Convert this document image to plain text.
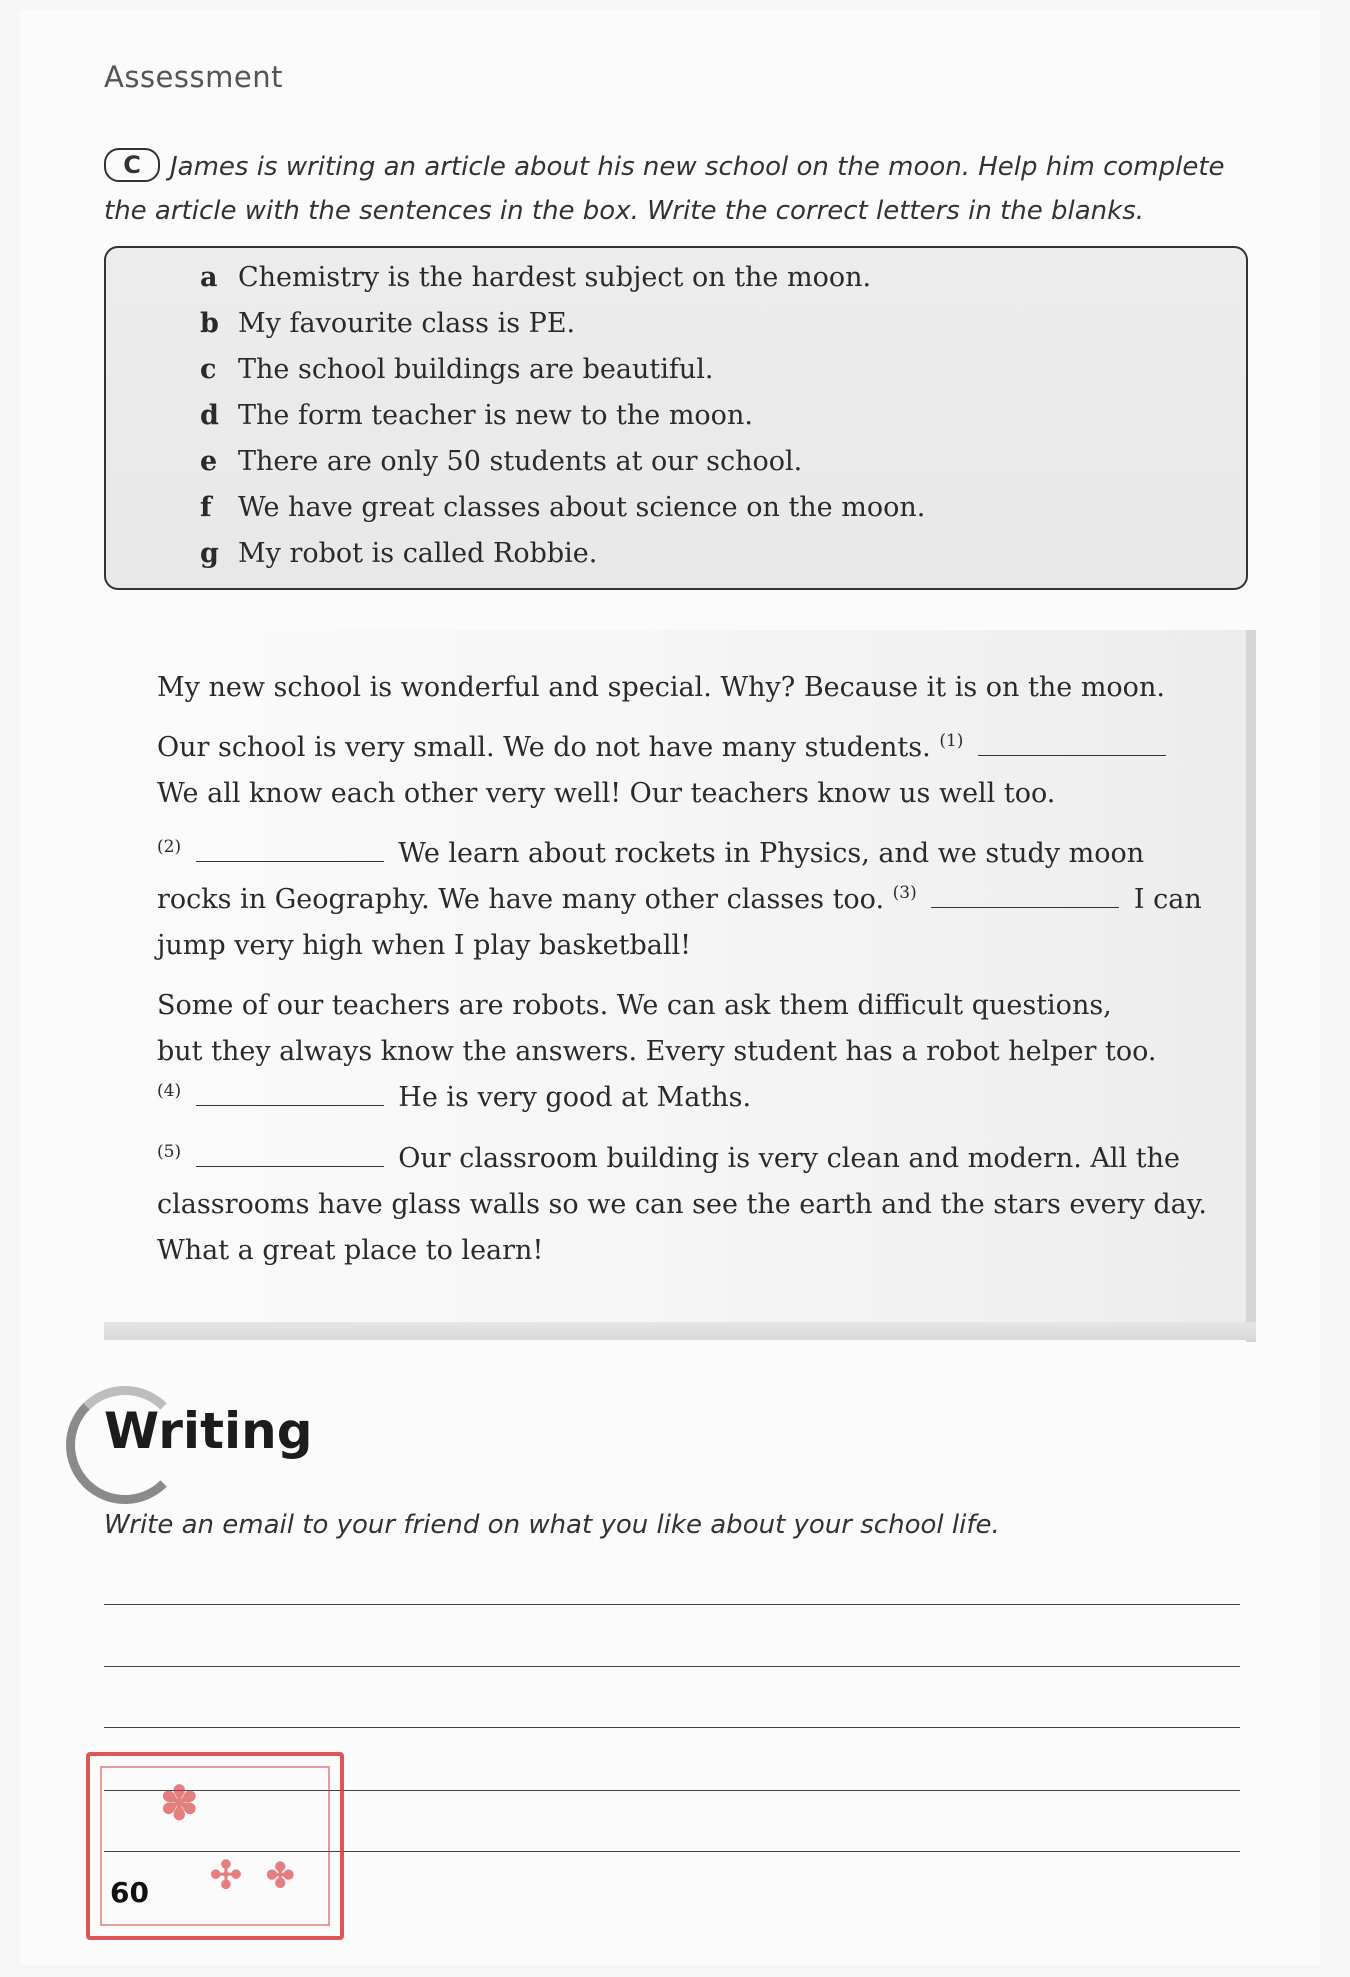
Assessment
C James is writing an article about his new school on the moon. Help him complete
the article with the sentences in the box. Write the correct letters in the blanks.
a Chemistry is the hardest subject on the moon.
b My favourite class is PE.
c The school buildings are beautiful.
d The form teacher is new to the moon.
e There are only 50 students at our school.
f We have great classes about science on the moon.
g My robot is called Robbie.
My new school is wonderful and special. Why? Because it is on the moon.
Our school is very small. We do not have many students. $^{(1)}$
We all know each other very well! Our teachers know us well too.
$^{(2)}$	We learn about rockets in Physics, and we study moon
rocks in Geography. We have many other classes too. $^{(3)}$	I can
jump very high when I play basketball!
Some of our teachers are robots. We can ask them difficult questions,
but they always know the answers. Every student has a robot helper too.
$^{(4)}$	He is very good at Maths.
$^{(5)}$	Our classroom building is very clean and modern. All the
classrooms have glass walls so we can see the earth and the stars every day.
What a great place to learn!
Writing
Write an email to your friend on what you like about your school life.
✽
✣ ✤
60
